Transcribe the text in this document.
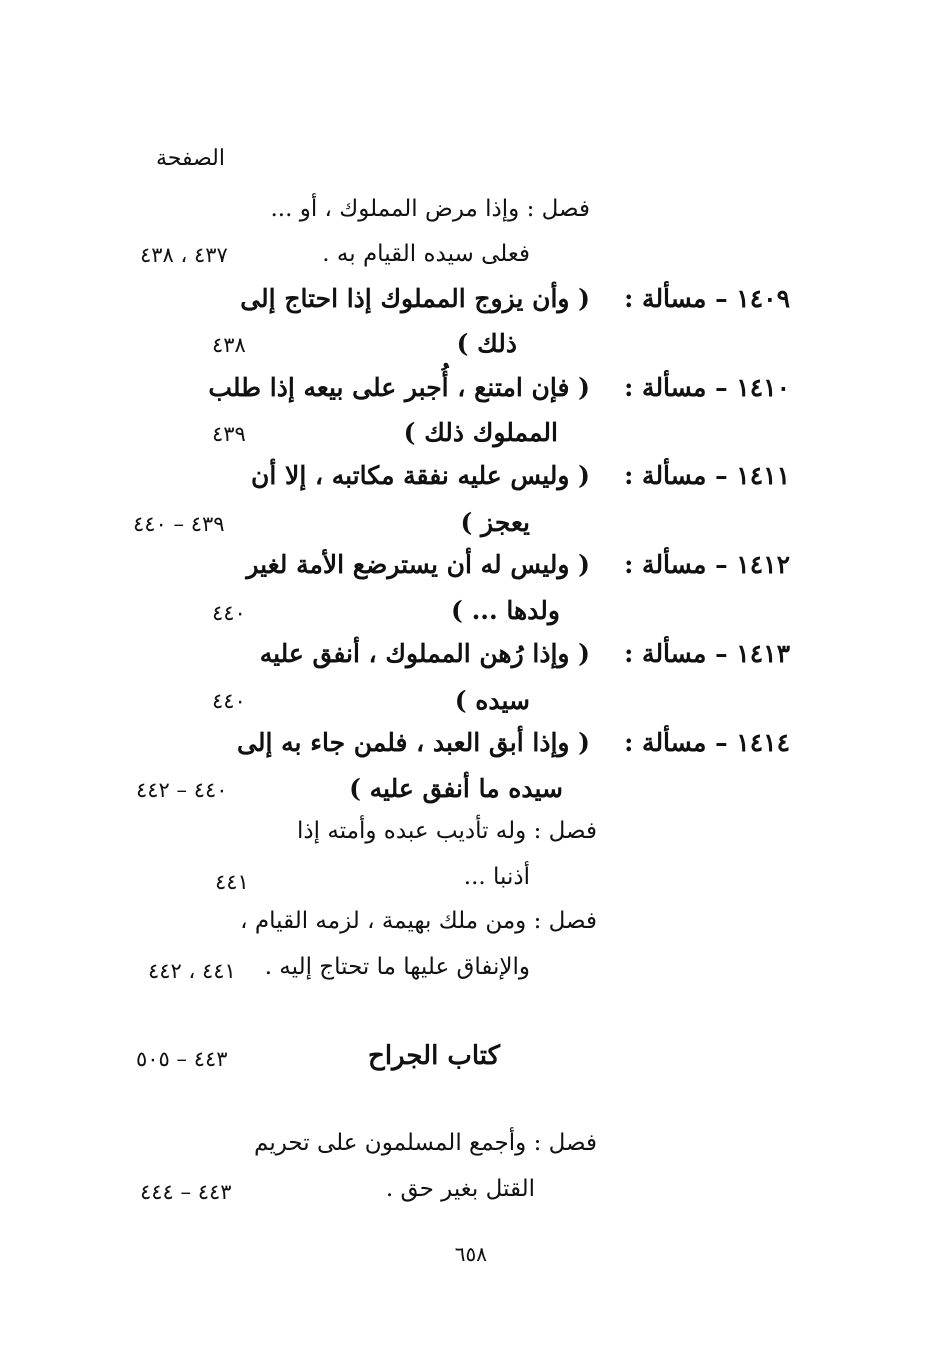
الصفحة
فصل : وإذا مرض المملوك ، أو ...
فعلى سيده القيام به .
٤٣٧ ، ٤٣٨
١٤٠٩ – مسألة :
( وأن يزوج المملوك إذا احتاج إلى
ذلك )
٤٣٨
١٤١٠ – مسألة :
( فإن امتنع ، أُجبر على بيعه إذا طلب
المملوك ذلك )
٤٣٩
١٤١١ – مسألة :
( وليس عليه نفقة مكاتبه ، إلا أن
يعجز )
٤٣٩ – ٤٤٠
١٤١٢ – مسألة :
( وليس له أن يسترضع الأمة لغير
ولدها ... )
٤٤٠
١٤١٣ – مسألة :
( وإذا رُهن المملوك ، أنفق عليه
سيده )
٤٤٠
١٤١٤ – مسألة :
( وإذا أبق العبد ، فلمن جاء به إلى
سيده ما أنفق عليه )
٤٤٠ – ٤٤٢
فصل : وله تأديب عبده وأمته إذا
أذنبا ...
٤٤١
فصل : ومن ملك بهيمة ، لزمه القيام ،
والإنفاق عليها ما تحتاج إليه .
٤٤١ ، ٤٤٢
كتاب الجراح
٤٤٣ – ٥٠٥
فصل : وأجمع المسلمون على تحريم
القتل بغير حق .
٤٤٣ – ٤٤٤
٦٥٨
